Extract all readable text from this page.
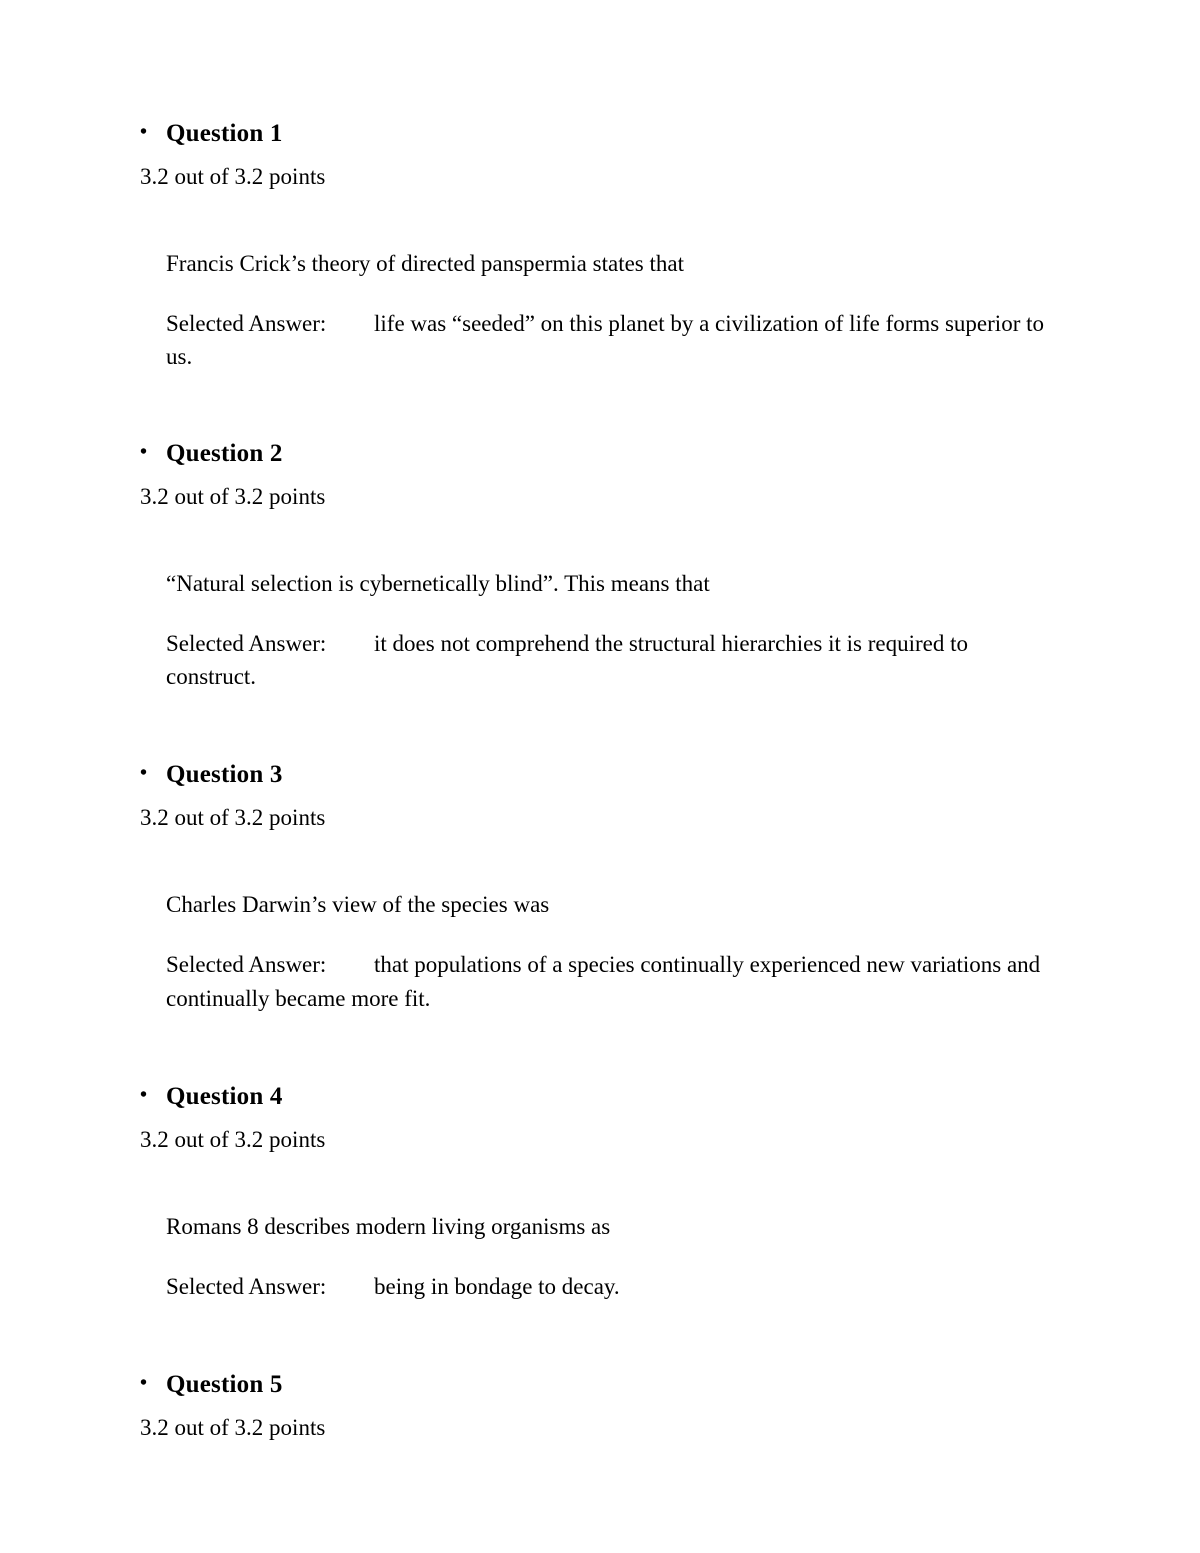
• Question 1
3.2 out of 3.2 points
Francis Crick’s theory of directed panspermia states that
Selected Answer: life was “seeded” on this planet by a civilization of life forms superior to us.
• Question 2
3.2 out of 3.2 points
“Natural selection is cybernetically blind”. This means that
Selected Answer: it does not comprehend the structural hierarchies it is required to construct.
• Question 3
3.2 out of 3.2 points
Charles Darwin’s view of the species was
Selected Answer: that populations of a species continually experienced new variations and continually became more fit.
• Question 4
3.2 out of 3.2 points
Romans 8 describes modern living organisms as
Selected Answer: being in bondage to decay.
• Question 5
3.2 out of 3.2 points
